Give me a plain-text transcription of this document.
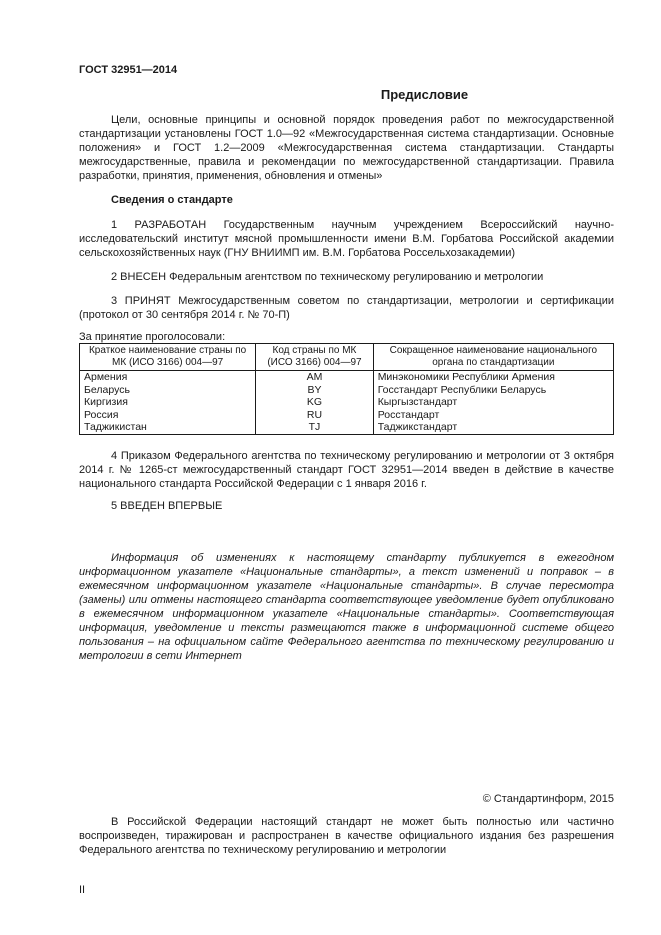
ГОСТ 32951—2014
Предисловие
Цели, основные принципы и основной порядок проведения работ по межгосударственной стандартизации установлены ГОСТ 1.0—92 «Межгосударственная система стандартизации. Основные положения» и ГОСТ 1.2—2009 «Межгосударственная система стандартизации. Стандарты межгосударственные, правила и рекомендации по межгосударственной стандартизации. Правила разработки, принятия, применения, обновления и отмены»
Сведения о стандарте
1 РАЗРАБОТАН Государственным научным учреждением Всероссийский научно-исследовательский институт мясной промышленности имени В.М. Горбатова Российской академии сельскохозяйственных наук (ГНУ ВНИИМП им. В.М. Горбатова Россельхозакадемии)
2 ВНЕСЕН Федеральным агентством по техническому регулированию и метрологии
3 ПРИНЯТ Межгосударственным советом по стандартизации, метрологии и сертификации (протокол от 30 сентября 2014 г. № 70-П)
За принятие проголосовали:
Краткое наименование страны по МК (ИСО 3166) 004—97	Код страны по МК (ИСО 3166) 004—97	Сокращенное наименование национального органа по стандартизации
Армения	AM	Минэкономики Республики Армения
Беларусь	BY	Госстандарт Республики Беларусь
Киргизия	KG	Кыргызстандарт
Россия	RU	Росстандарт
Таджикистан	TJ	Таджикстандарт
4 Приказом Федерального агентства по техническому регулированию и метрологии от 3 октября 2014 г. № 1265-ст межгосударственный стандарт ГОСТ 32951—2014 введен в действие в качестве национального стандарта Российской Федерации с 1 января 2016 г.
5 ВВЕДЕН ВПЕРВЫЕ
Информация об изменениях к настоящему стандарту публикуется в ежегодном информационном указателе «Национальные стандарты», а текст изменений и поправок – в ежемесячном информационном указателе «Национальные стандарты». В случае пересмотра (замены) или отмены настоящего стандарта соответствующее уведомление будет опубликовано в ежемесячном информационном указателе «Национальные стандарты». Соответствующая информация, уведомление и тексты размещаются также в информационной системе общего пользования – на официальном сайте Федерального агентства по техническому регулированию и метрологии в сети Интернет
© Стандартинформ, 2015
В Российской Федерации настоящий стандарт не может быть полностью или частично воспроизведен, тиражирован и распространен в качестве официального издания без разрешения Федерального агентства по техническому регулированию и метрологии
II
